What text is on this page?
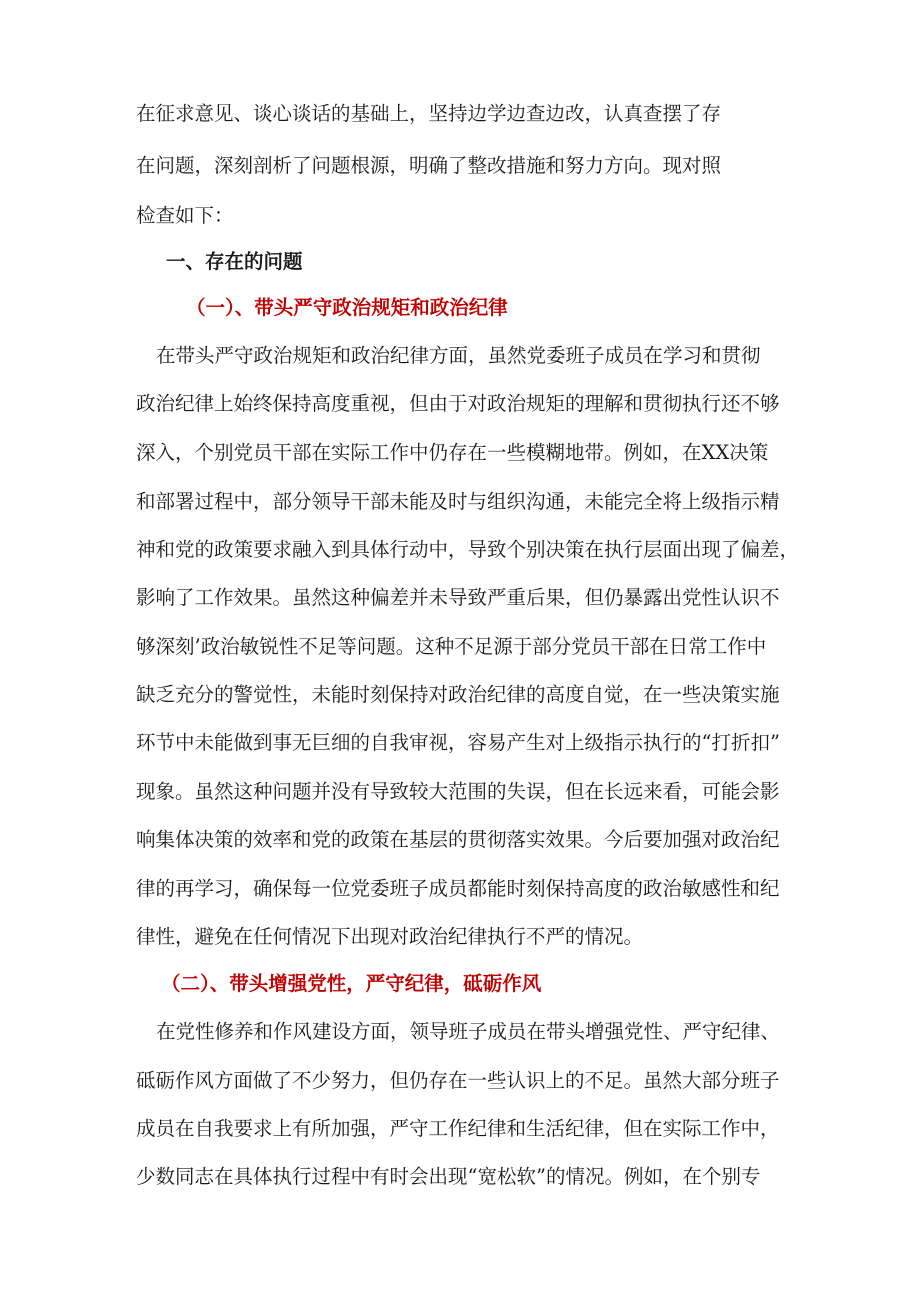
在征求意见、谈心谈话的基础上，坚持边学边查边改，认真查摆了存

在问题，深刻剖析了问题根源，明确了整改措施和努力方向。现对照

检查如下：

一、存在的问题

（一）、带头严守政治规矩和政治纪律

在带头严守政治规矩和政治纪律方面，虽然党委班子成员在学习和贯彻

政治纪律上始终保持高度重视，但由于对政治规矩的理解和贯彻执行还不够

深入，个别党员干部在实际工作中仍存在一些模糊地带。例如，在XX决策

和部署过程中，部分领导干部未能及时与组织沟通，未能完全将上级指示精

神和党的政策要求融入到具体行动中，导致个别决策在执行层面出现了偏差，

影响了工作效果。虽然这种偏差并未导致严重后果，但仍暴露出党性认识不

够深刻’政治敏锐性不足等问题。这种不足源于部分党员干部在日常工作中

缺乏充分的警觉性，未能时刻保持对政治纪律的高度自觉，在一些决策实施

环节中未能做到事无巨细的自我审视，容易产生对上级指示执行的“打折扣”

现象。虽然这种问题并没有导致较大范围的失误，但在长远来看，可能会影

响集体决策的效率和党的政策在基层的贯彻落实效果。今后要加强对政治纪

律的再学习，确保每一位党委班子成员都能时刻保持高度的政治敏感性和纪

律性，避免在任何情况下出现对政治纪律执行不严的情况。

（二）、带头增强党性，严守纪律，砥砺作风

在党性修养和作风建设方面，领导班子成员在带头增强党性、严守纪律、

砥砺作风方面做了不少努力，但仍存在一些认识上的不足。虽然大部分班子

成员在自我要求上有所加强，严守工作纪律和生活纪律，但在实际工作中，

少数同志在具体执行过程中有时会出现“宽松软”的情况。例如，在个别专
